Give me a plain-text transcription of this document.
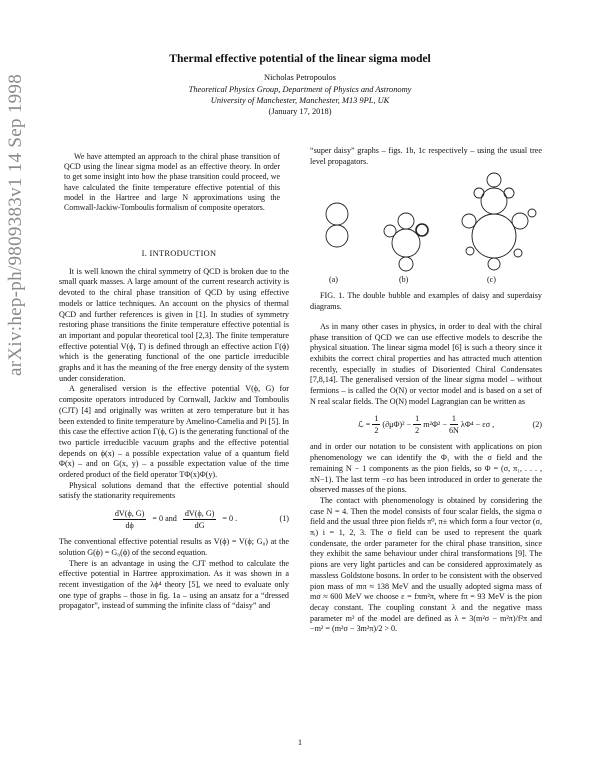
arXiv:hep-ph/9809383v1 14 Sep 1998
Thermal effective potential of the linear sigma model
Nicholas Petropoulos
Theoretical Physics Group, Department of Physics and Astronomy
University of Manchester, Manchester, M13 9PL, UK
(January 17, 2018)

We have attempted an approach to the chiral phase transition of QCD using the linear sigma model as an effective theory. In order to get some insight into how the phase transition could proceed, we have calculated the finite temperature effective potential of this model in the Hartree and large N approximations using the Cornwall-Jackiw-Tomboulis formalism of composite operators.

I. INTRODUCTION

It is well known the chiral symmetry of QCD is broken due to the small quark masses. A large amount of the current research activity is devoted to the chiral phase transition of QCD by using effective models or lattice techniques. An account on the physics of thermal QCD and further references is given in [1]. In studies of symmetry restoring phase transitions the finite temperature effective potential is an important and popular theoretical tool [2,3]. The finite temperature effective potential V(ϕ, T) is defined through an effective action Γ(ϕ) which is the generating functional of the one particle irreducible graphs and it has the meaning of the free energy density of the system under consideration.

A generalised version is the effective potential V(ϕ, G) for composite operators introduced by Cornwall, Jackiw and Tomboulis (CJT) [4] and originally was written at zero temperature but it has been extended to finite temperature by Amelino-Camelia and Pi [5]. In this case the effective action Γ(ϕ, G) is the generating functional of the two particle irreducible vacuum graphs and the effective potential depends on ϕ(x) – a possible expectation value of a quantum field Φ(x) – and on G(x, y) – a possible expectation value of the time ordered product of the field operator TΦ(x)Φ(y).

Physical solutions demand that the effective potential should satisfy the stationarity requirements

$\frac{dV(\phi, G)}{d\phi} = 0$ and $\frac{dV(\phi, G)}{dG} = 0$ .	(1)

The conventional effective potential results as V(ϕ) = V(ϕ; G₀) at the solution G(ϕ) = G₀(ϕ) of the second equation.

There is an advantage in using the CJT method to calculate the effective potential in Hartree approximation. As it was shown in a recent investigation of the λϕ⁴ theory [5], we need to evaluate only one type of graphs – those in fig. 1a – using an ansatz for a “dressed propagator”, instead of summing the infinite class of “daisy” and

“super daisy” graphs – figs. 1b, 1c respectively – using the usual tree level propagators.

(a)	(b)	(c)

FIG. 1. The double bubble and examples of daisy and superdaisy diagrams.

As in many other cases in physics, in order to deal with the chiral phase transition of QCD we can use effective models to describe the physical situation. The linear sigma model [6] is such a theory since it exhibits the correct chiral properties and has attracted much attention recently, especially in studies of Disoriented Chiral Condensates [7,8,14]. The generalised version of the linear sigma model – without fermions – is called the O(N) or vector model and is based on a set of N real scalar fields. The O(N) model Lagrangian can be written as

ℒ = $\frac{1}{2} (\partial\mu\Phi)^2 - \frac{1}{2} m^2\Phi^2 - \frac{1}{6N} \lambda\Phi^4 - \varepsilon\sigma$ ,	(2)

and in order our notation to be consistent with applications on pion phenomenology we can identify the Φ₁ with the σ field and the remaining N − 1 components as the pion fields, so Φ = (σ, π₁, . . . , πN−1). The last term −εσ has been introduced in order to generate the observed masses of the pions.

The contact with phenomenology is obtained by considering the case N = 4. Then the model consists of four scalar fields, the sigma σ field and the usual three pion fields π⁰, π± which form a four vector (σ, πᵢ) i = 1, 2, 3. The σ field can be used to represent the quark condensate, the order parameter for the chiral phase transition, since they exhibit the same behaviour under chiral transformations [9]. The pions are very light particles and can be considered approximately as massless Goldstone bosons. In order to be consistent with the observed pion mass of mπ ≈ 138 MeV and the usually adopted sigma mass of mσ ≈ 600 MeV we choose ε = fπm²π, where fπ = 93 MeV is the pion decay constant. The coupling constant λ and the negative mass parameter m² of the model are defined as λ = 3(m²σ − m²π)/f²π and −m² = (m²σ − 3m²π)/2 > 0.

1
